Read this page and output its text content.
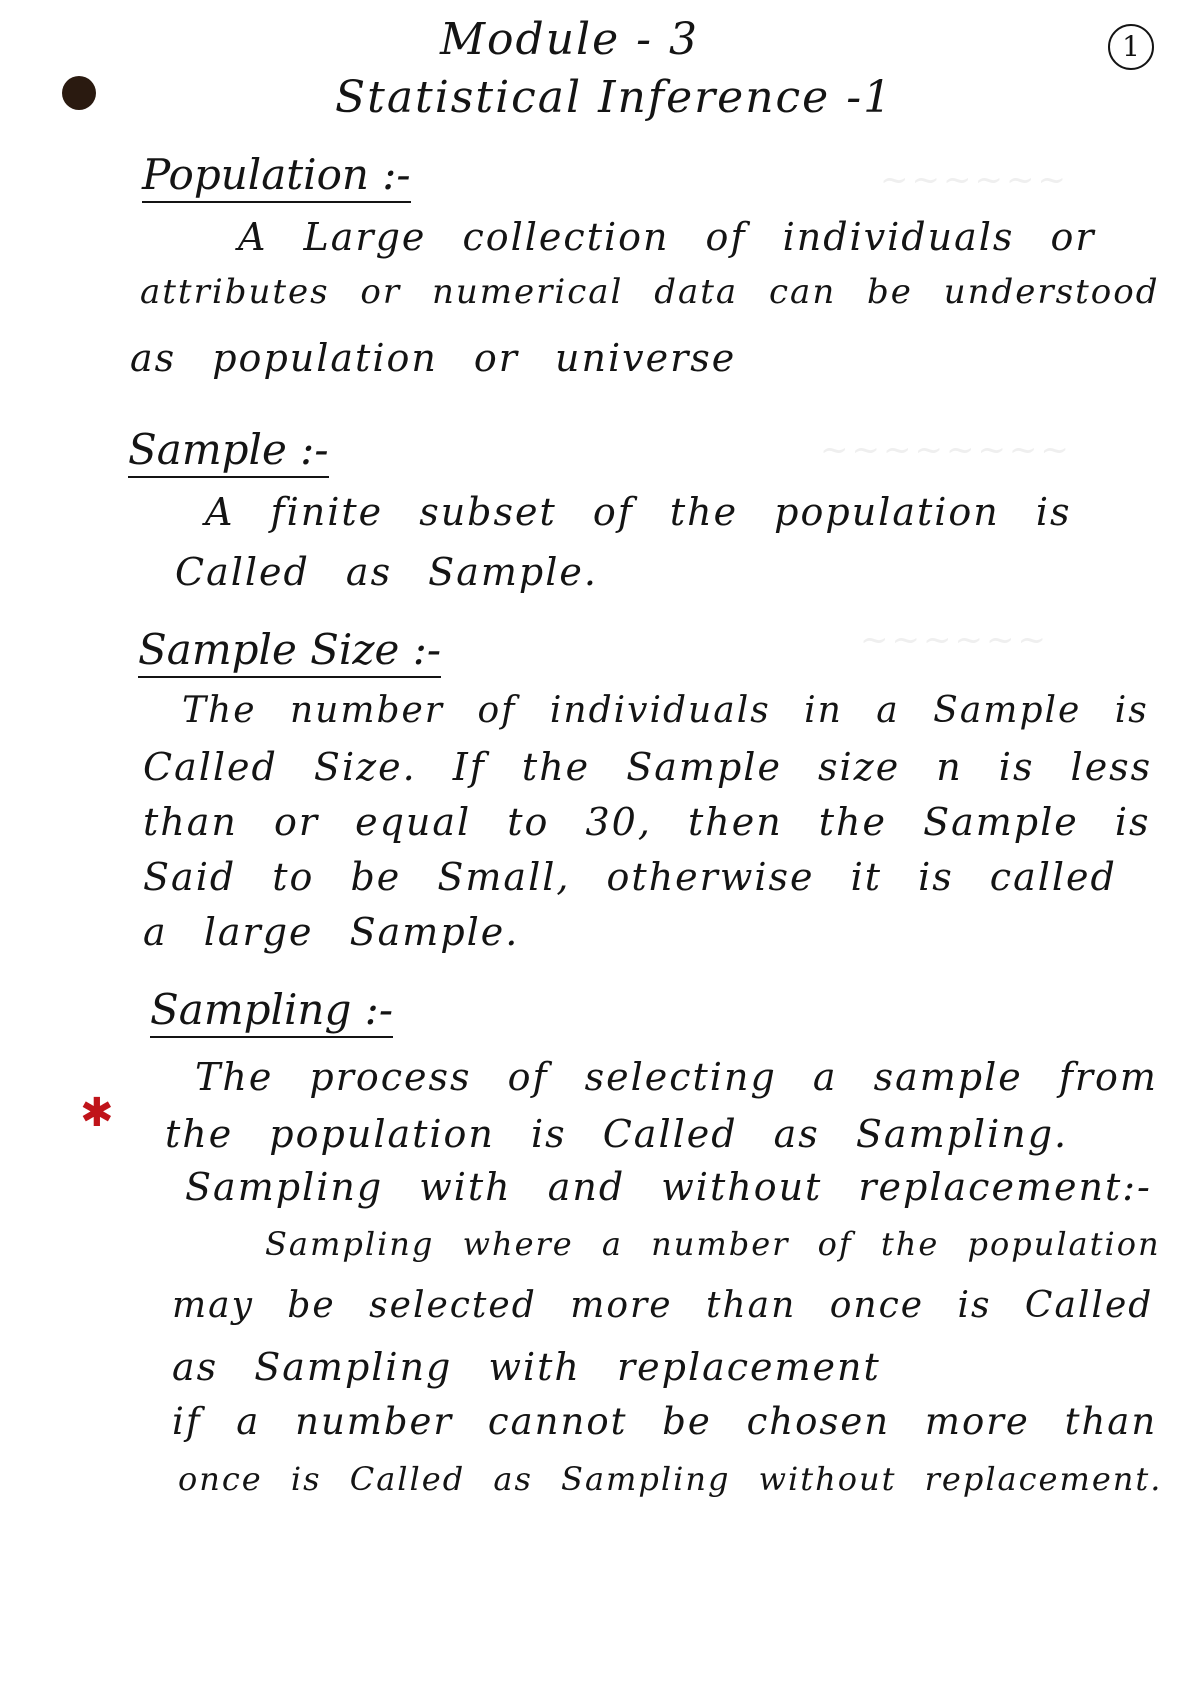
~~~~~~
~~~~~~~~
~~~~~~
Module - 3	1
Statistical Inference -1
Population :-
A Large collection of individuals or
attributes or numerical data can be understood
as population or universe
Sample :-
A finite subset of the population is
Called as Sample.
Sample Size :-
The number of individuals in a Sample is
Called Size. If the Sample size n is less
than or equal to 30, then the Sample is
Said to be Small, otherwise it is called
a large Sample.
✱
Sampling :-
The process of selecting a sample from
the population is Called as Sampling.
Sampling with and without replacement:-
Sampling where a number of the population
may be selected more than once is Called
as Sampling with replacement
if a number cannot be chosen more than
once is Called as Sampling without replacement.
